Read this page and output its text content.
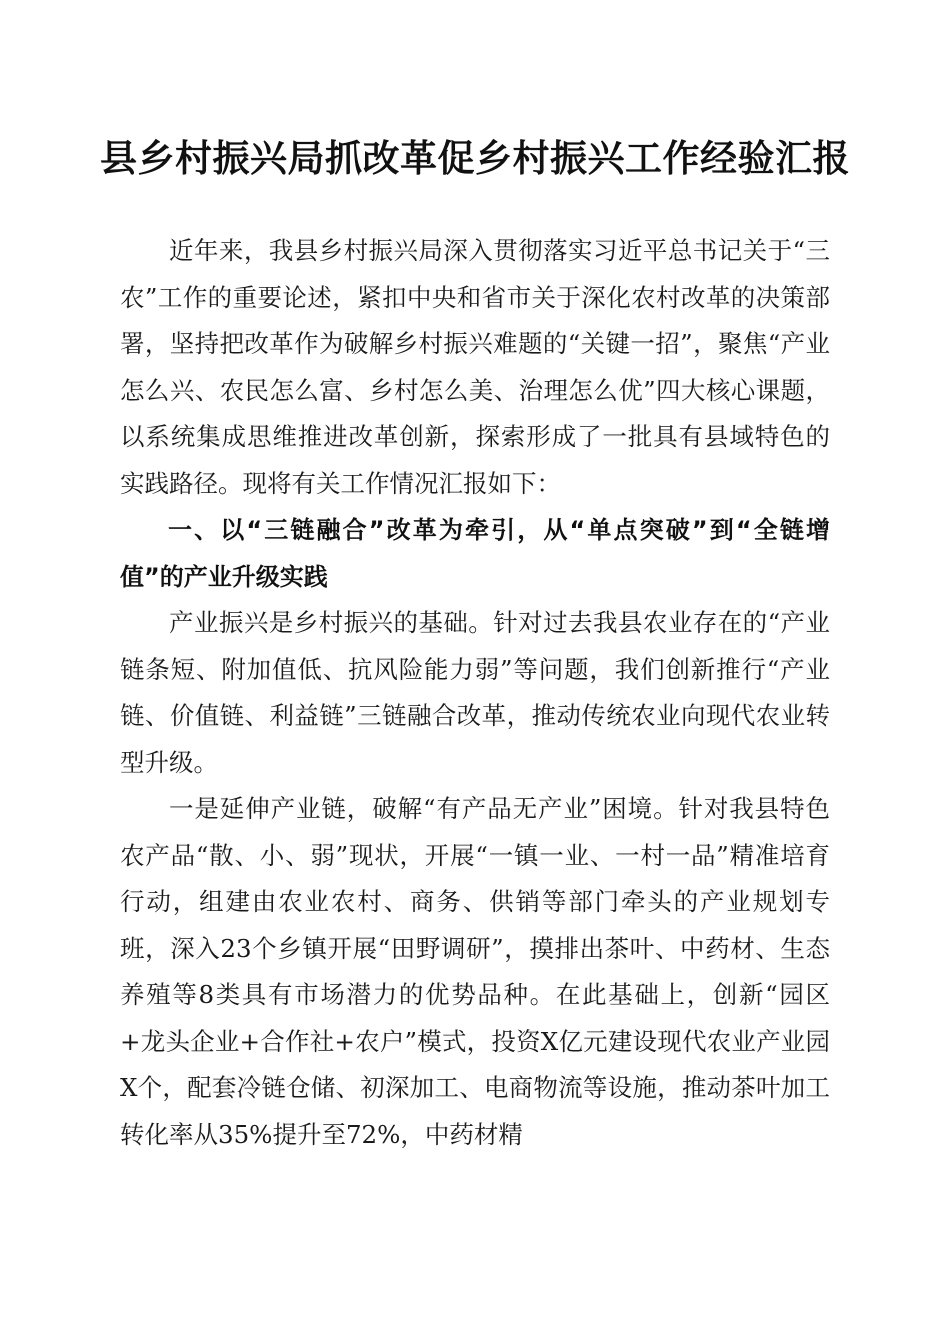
县乡村振兴局抓改革促乡村振兴工作经验汇报

近年来，我县乡村振兴局深入贯彻落实习近平总书记关于“三农”工作的重要论述，紧扣中央和省市关于深化农村改革的决策部署，坚持把改革作为破解乡村振兴难题的“关键一招”，聚焦“产业怎么兴、农民怎么富、乡村怎么美、治理怎么优”四大核心课题，以系统集成思维推进改革创新，探索形成了一批具有县域特色的实践路径。现将有关工作情况汇报如下：

一、以“三链融合”改革为牵引，从“单点突破”到“全链增值”的产业升级实践

产业振兴是乡村振兴的基础。针对过去我县农业存在的“产业链条短、附加值低、抗风险能力弱”等问题，我们创新推行“产业链、价值链、利益链”三链融合改革，推动传统农业向现代农业转型升级。

一是延伸产业链，破解“有产品无产业”困境。针对我县特色农产品“散、小、弱”现状，开展“一镇一业、一村一品”精准培育行动，组建由农业农村、商务、供销等部门牵头的产业规划专班，深入23个乡镇开展“田野调研”，摸排出茶叶、中药材、生态养殖等8类具有市场潜力的优势品种。在此基础上，创新“园区+龙头企业+合作社+农户”模式，投资X亿元建设现代农业产业园X个，配套冷链仓储、初深加工、电商物流等设施，推动茶叶加工转化率从35%提升至72%，中药材精
